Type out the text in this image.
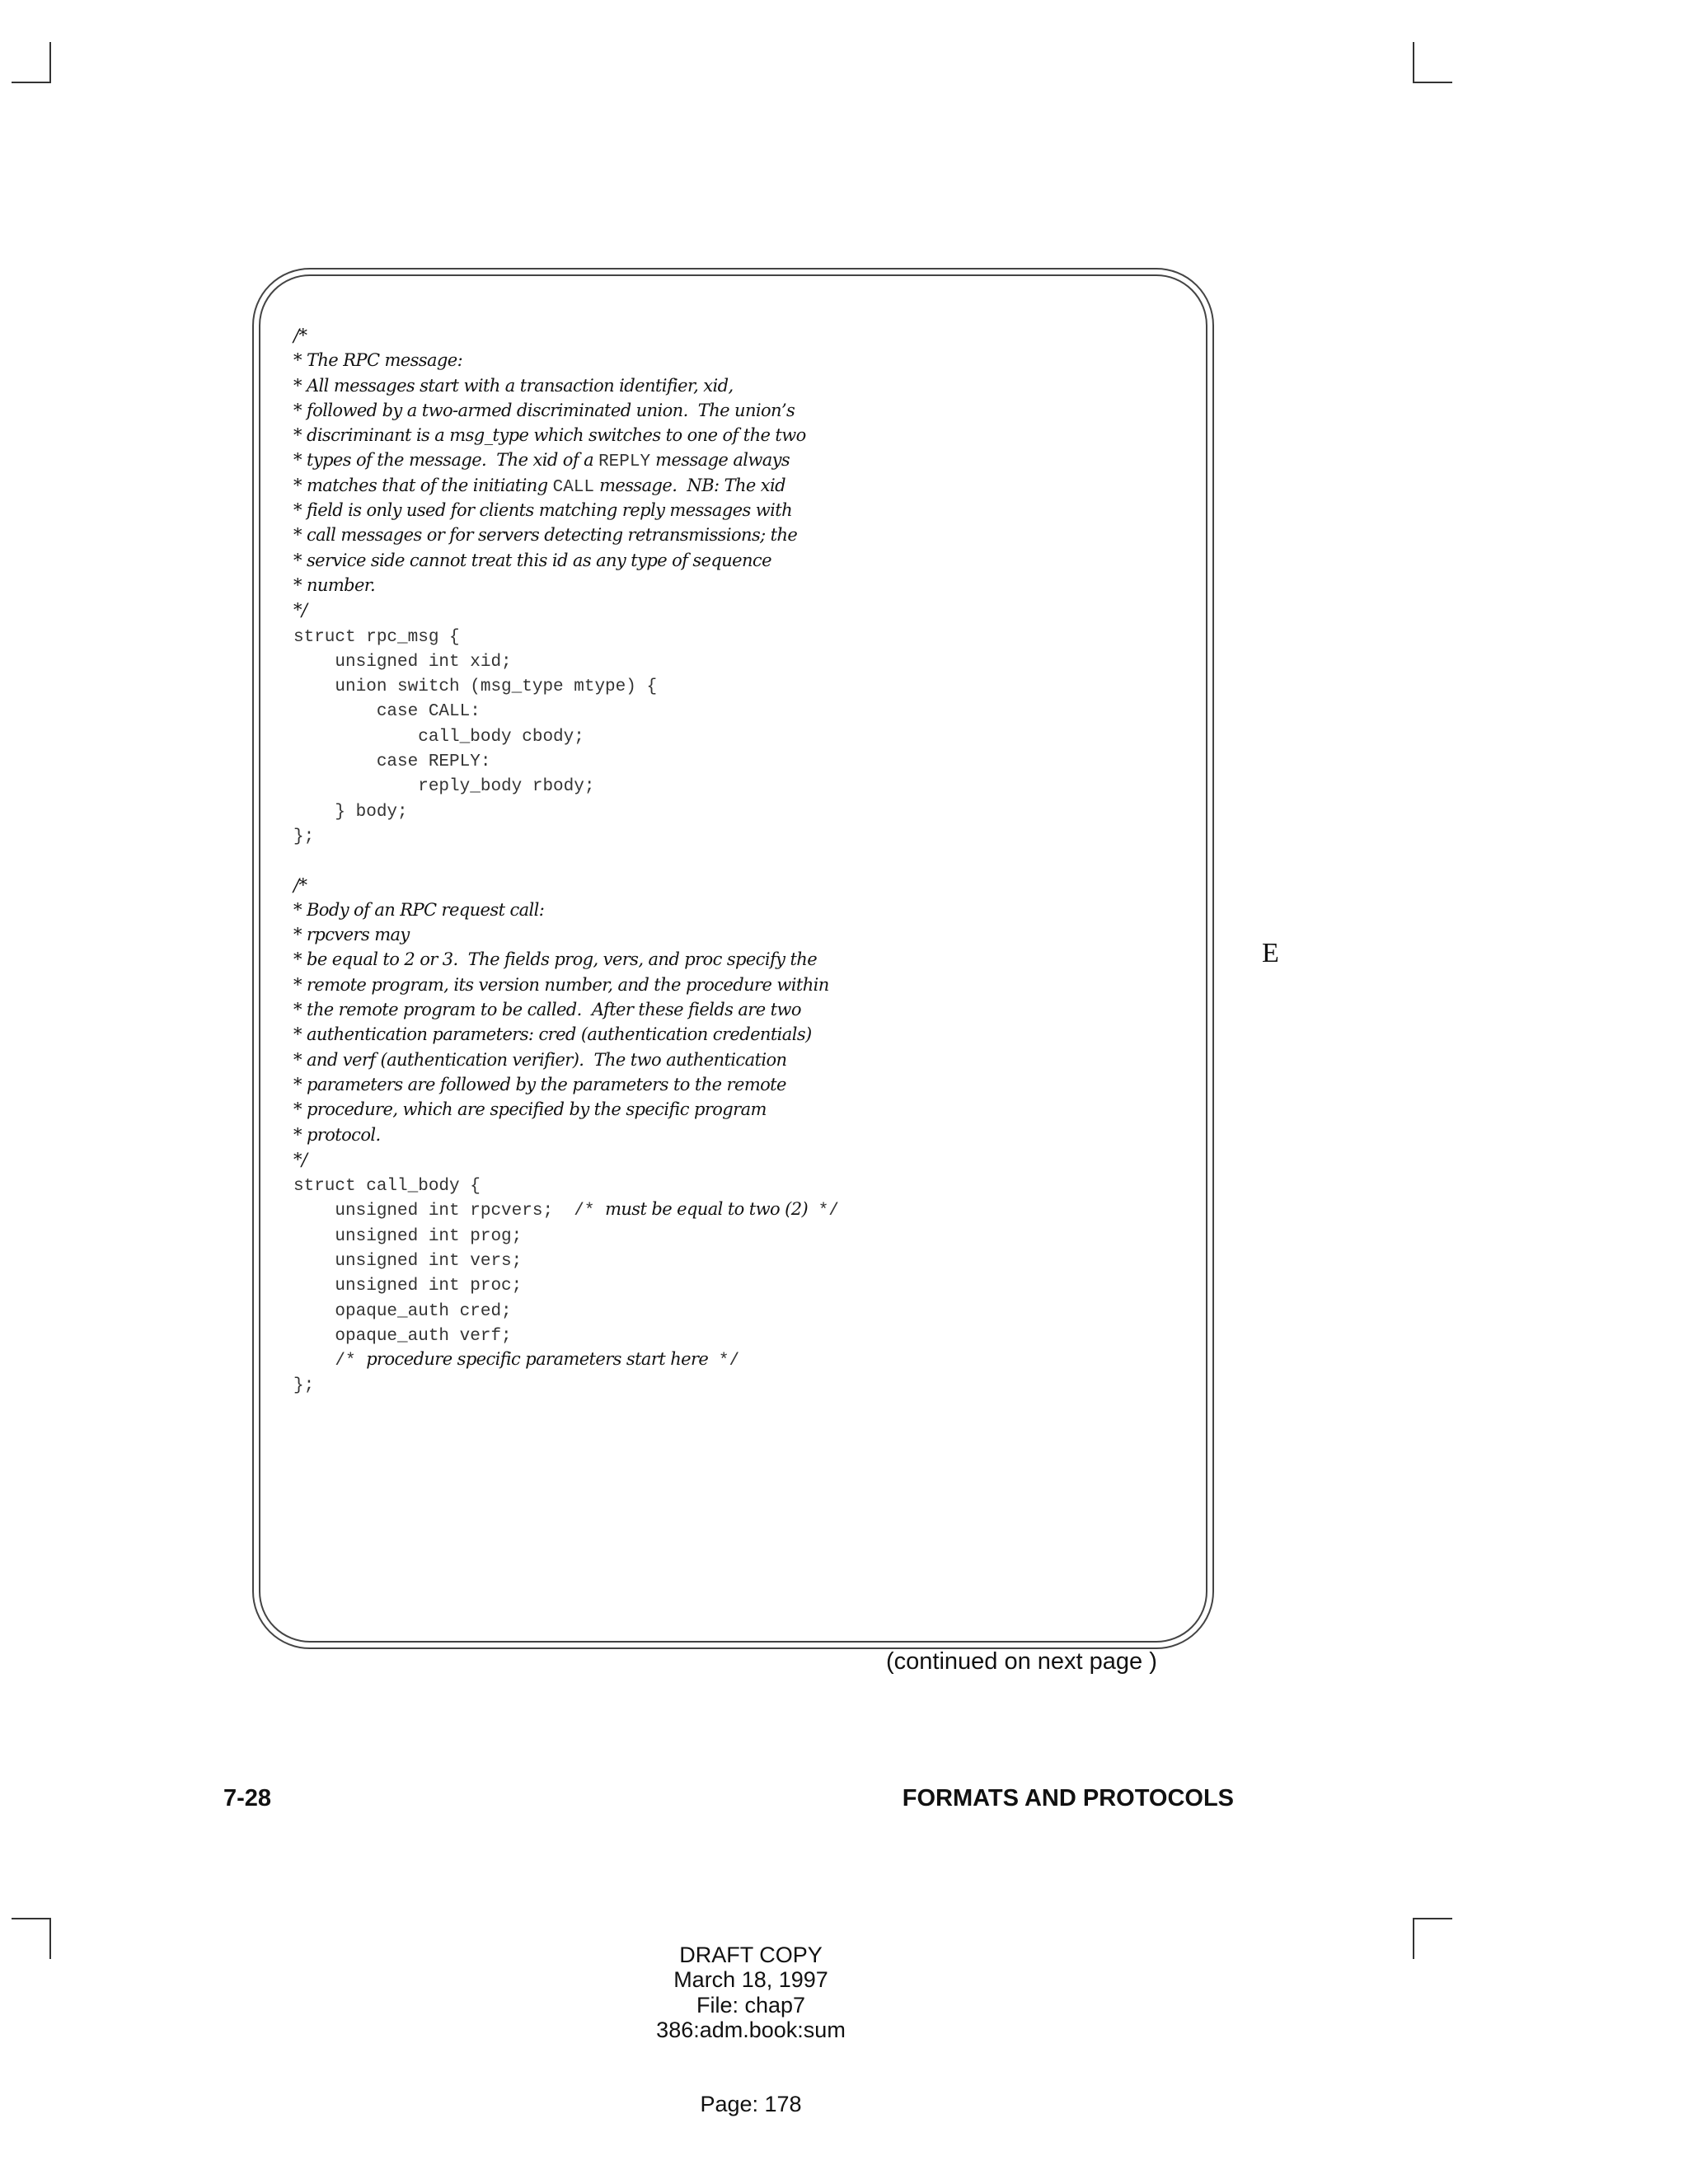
/*
* The RPC message:
* All messages start with a transaction identifier, xid,
* followed by a two-armed discriminated union.  The union’s
* discriminant is a msg_type which switches to one of the two
* types of the message.  The xid of a REPLY message always
* matches that of the initiating CALL message.  NB: The xid
* field is only used for clients matching reply messages with
* call messages or for servers detecting retransmissions; the
* service side cannot treat this id as any type of sequence
* number.
*/
struct rpc_msg {
unsigned int xid;
union switch (msg_type mtype) {
case CALL:
call_body cbody;
case REPLY:
reply_body rbody;
} body;
};
/*
* Body of an RPC request call:
* rpcvers may
* be equal to 2 or 3.  The fields prog, vers, and proc specify the
* remote program, its version number, and the procedure within
* the remote program to be called.  After these fields are two
* authentication parameters: cred (authentication credentials)
* and verf (authentication verifier).  The two authentication
* parameters are followed by the parameters to the remote
* procedure, which are specified by the specific program
* protocol.
*/
struct call_body {
unsigned int rpcvers;  /* must be equal to two (2) */
unsigned int prog;
unsigned int vers;
unsigned int proc;
opaque_auth cred;
opaque_auth verf;
/* procedure specific parameters start here */
};
(continued on next page )
E
7-28	FORMATS AND PROTOCOLS
DRAFT COPY
March 18, 1997
File: chap7
386:adm.book:sum
Page: 178
